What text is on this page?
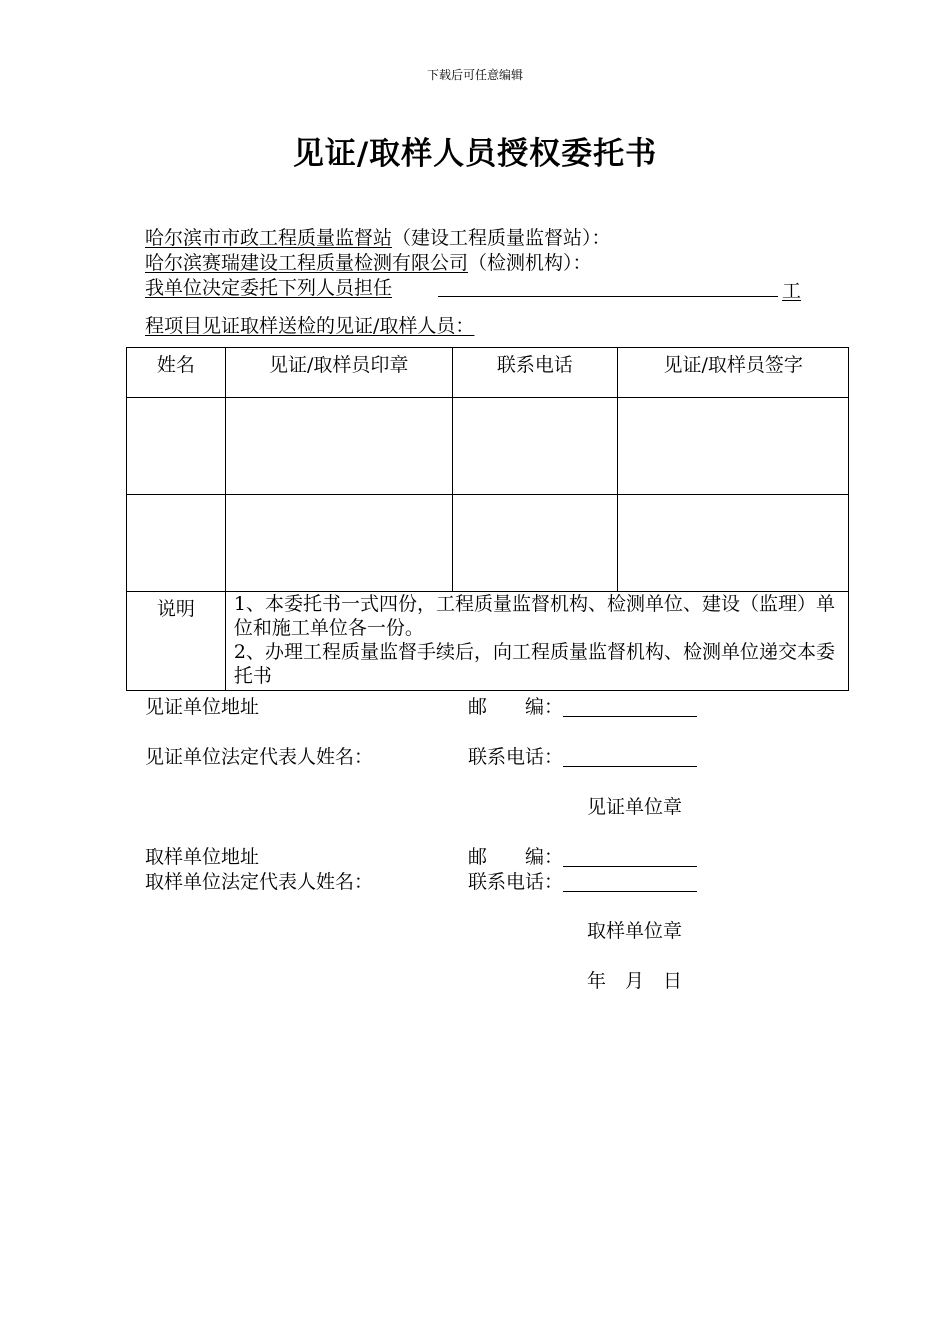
下载后可任意编辑
见证/取样人员授权委托书
哈尔滨市市政工程质量监督站（建设工程质量监督站）：
哈尔滨赛瑞建设工程质量检测有限公司（检测机构）：
我单位决定委托下列人员担任	工
程项目见证取样送检的见证/取样人员：
姓名	见证/取样员印章	联系电话	见证/取样员签字

说明	1、本委托书一式四份，工程质量监督机构、检测单位、建设（监理）单位和施工单位各一份。
2、办理工程质量监督手续后，向工程质量监督机构、检测单位递交本委托书		
见证单位地址	邮　　编：
见证单位法定代表人姓名：	联系电话：
见证单位章
取样单位地址	邮　　编：
取样单位法定代表人姓名：	联系电话：
取样单位章
年　月　日
